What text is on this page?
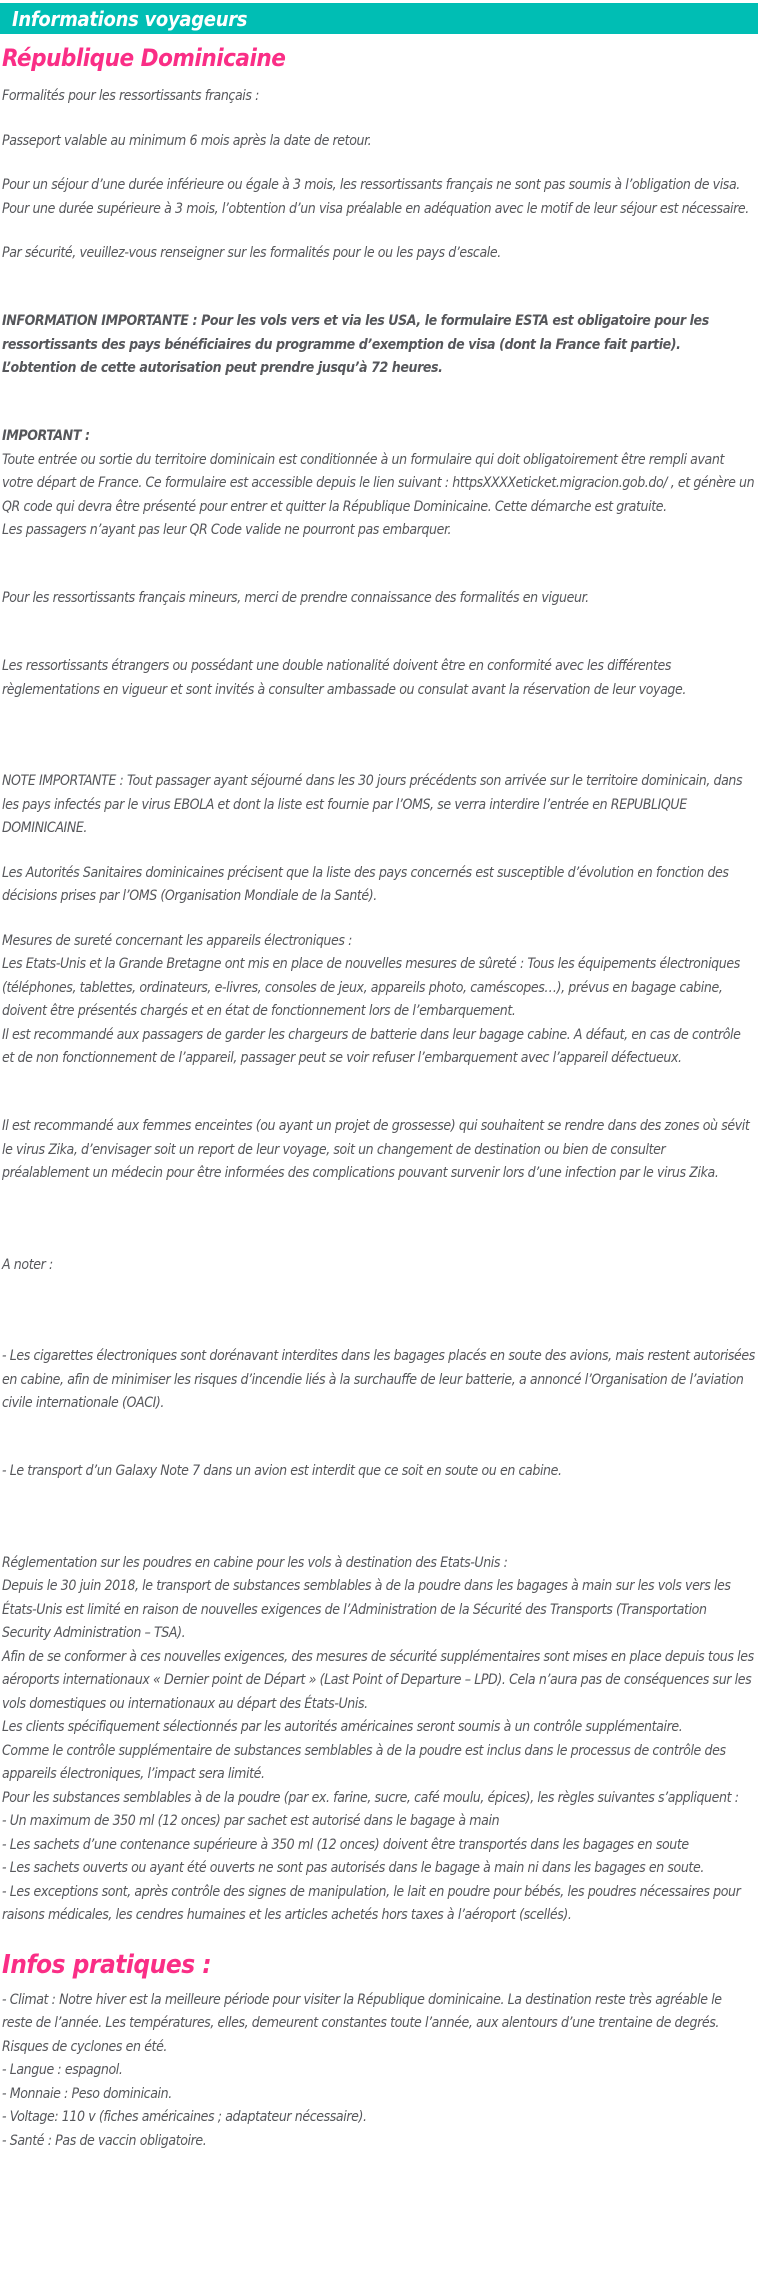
Informations voyageurs
République Dominicaine

Formalités pour les ressortissants français :

Passeport valable au minimum 6 mois après la date de retour.

Pour un séjour d’une durée inférieure ou égale à 3 mois, les ressortissants français ne sont pas soumis à l’obligation de visa.
Pour une durée supérieure à 3 mois, l’obtention d’un visa préalable en adéquation avec le motif de leur séjour est nécessaire.

Par sécurité, veuillez-vous renseigner sur les formalités pour le ou les pays d’escale.

INFORMATION IMPORTANTE : Pour les vols vers et via les USA, le formulaire ESTA est obligatoire pour les ressortissants des pays bénéficiaires du programme d’exemption de visa (dont la France fait partie). L’obtention de cette autorisation peut prendre jusqu’à 72 heures.

IMPORTANT :

Toute entrée ou sortie du territoire dominicain est conditionnée à un formulaire qui doit obligatoirement être rempli avant votre départ de France. Ce formulaire est accessible depuis le lien suivant : httpsXXXXeticket.migracion.gob.do/ , et génère un QR code qui devra être présenté pour entrer et quitter la République Dominicaine. Cette démarche est gratuite.
Les passagers n’ayant pas leur QR Code valide ne pourront pas embarquer.

Pour les ressortissants français mineurs, merci de prendre connaissance des formalités en vigueur.

Les ressortissants étrangers ou possédant une double nationalité doivent être en conformité avec les différentes règlementations en vigueur et sont invités à consulter ambassade ou consulat avant la réservation de leur voyage.

NOTE IMPORTANTE : Tout passager ayant séjourné dans les 30 jours précédents son arrivée sur le territoire dominicain, dans les pays infectés par le virus EBOLA et dont la liste est fournie par l’OMS, se verra interdire l’entrée en REPUBLIQUE DOMINICAINE.

Les Autorités Sanitaires dominicaines précisent que la liste des pays concernés est susceptible d’évolution en fonction des décisions prises par l’OMS (Organisation Mondiale de la Santé).

Mesures de sureté concernant les appareils électroniques :
Les Etats-Unis et la Grande Bretagne ont mis en place de nouvelles mesures de sûreté : Tous les équipements électroniques (téléphones, tablettes, ordinateurs, e-livres, consoles de jeux, appareils photo, caméscopes…), prévus en bagage cabine, doivent être présentés chargés et en état de fonctionnement lors de l’embarquement.
Il est recommandé aux passagers de garder les chargeurs de batterie dans leur bagage cabine. A défaut, en cas de contrôle et de non fonctionnement de l’appareil, passager peut se voir refuser l’embarquement avec l’appareil défectueux.

Il est recommandé aux femmes enceintes (ou ayant un projet de grossesse) qui souhaitent se rendre dans des zones où sévit le virus Zika, d’envisager soit un report de leur voyage, soit un changement de destination ou bien de consulter préalablement un médecin pour être informées des complications pouvant survenir lors d’une infection par le virus Zika.

A noter :

- Les cigarettes électroniques sont dorénavant interdites dans les bagages placés en soute des avions, mais restent autorisées en cabine, afin de minimiser les risques d’incendie liés à la surchauffe de leur batterie, a annoncé l’Organisation de l’aviation civile internationale (OACI).

- Le transport d’un Galaxy Note 7 dans un avion est interdit que ce soit en soute ou en cabine.

Réglementation sur les poudres en cabine pour les vols à destination des Etats-Unis :
Depuis le 30 juin 2018, le transport de substances semblables à de la poudre dans les bagages à main sur les vols vers les États-Unis est limité en raison de nouvelles exigences de l’Administration de la Sécurité des Transports (Transportation Security Administration – TSA).
Afin de se conformer à ces nouvelles exigences, des mesures de sécurité supplémentaires sont mises en place depuis tous les aéroports internationaux « Dernier point de Départ » (Last Point of Departure – LPD). Cela n’aura pas de conséquences sur les vols domestiques ou internationaux au départ des États-Unis.
Les clients spécifiquement sélectionnés par les autorités américaines seront soumis à un contrôle supplémentaire.
Comme le contrôle supplémentaire de substances semblables à de la poudre est inclus dans le processus de contrôle des appareils électroniques, l’impact sera limité.
Pour les substances semblables à de la poudre (par ex. farine, sucre, café moulu, épices), les règles suivantes s’appliquent :
- Un maximum de 350 ml (12 onces) par sachet est autorisé dans le bagage à main
- Les sachets d’une contenance supérieure à 350 ml (12 onces) doivent être transportés dans les bagages en soute
- Les sachets ouverts ou ayant été ouverts ne sont pas autorisés dans le bagage à main ni dans les bagages en soute.
- Les exceptions sont, après contrôle des signes de manipulation, le lait en poudre pour bébés, les poudres nécessaires pour raisons médicales, les cendres humaines et les articles achetés hors taxes à l’aéroport (scellés).

Infos pratiques :

- Climat : Notre hiver est la meilleure période pour visiter la République dominicaine. La destination reste très agréable le reste de l’année. Les températures, elles, demeurent constantes toute l’année, aux alentours d’une trentaine de degrés.
Risques de cyclones en été.
- Langue : espagnol.
- Monnaie : Peso dominicain.
- Voltage: 110 v (fiches américaines ; adaptateur nécessaire).
- Santé : Pas de vaccin obligatoire.
